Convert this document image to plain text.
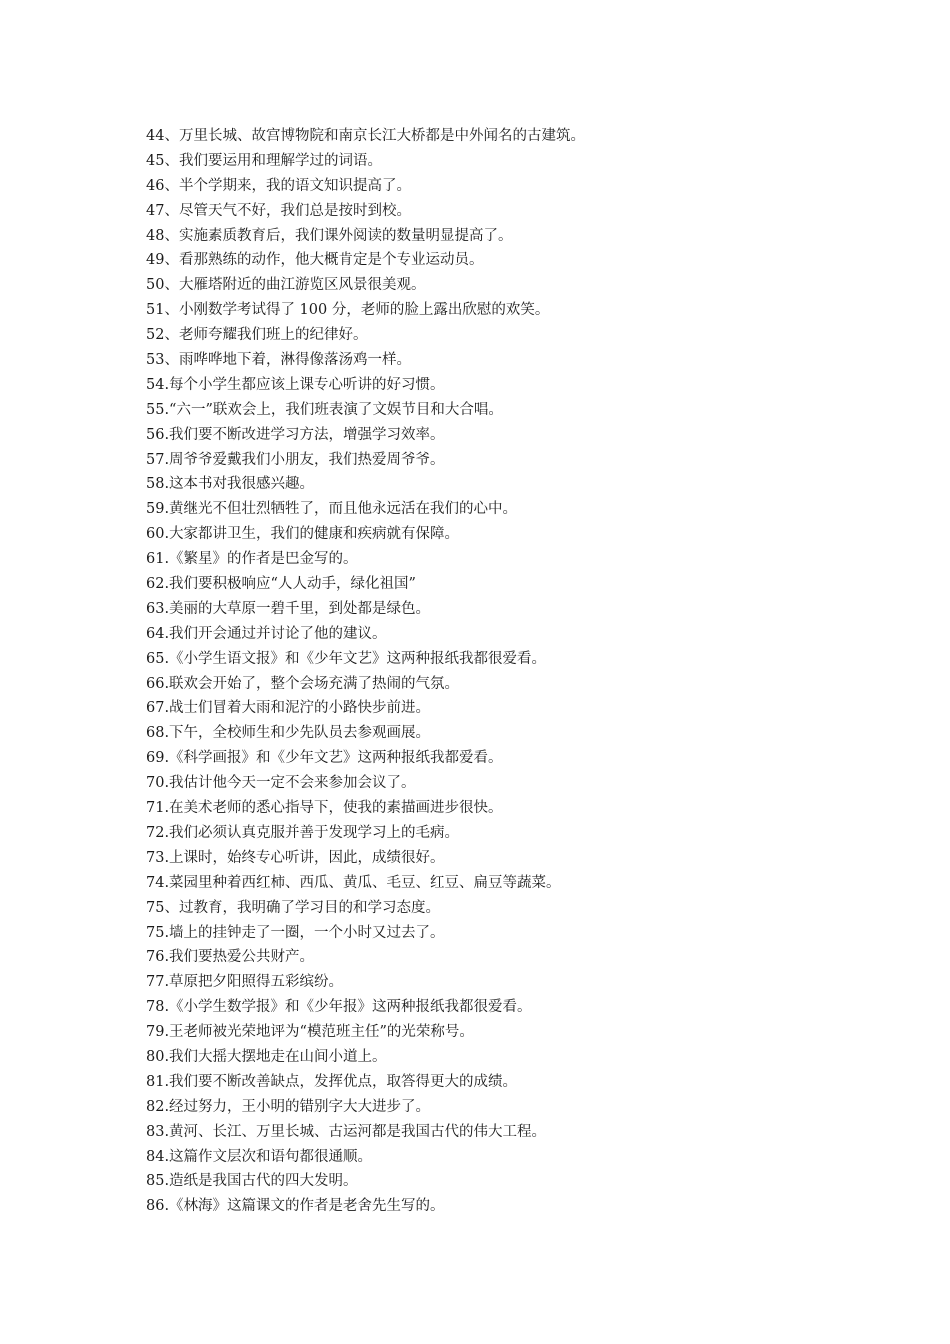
44、万里长城、故宫博物院和南京长江大桥都是中外闻名的古建筑。
45、我们要运用和理解学过的词语。
46、半个学期来，我的语文知识提高了。
47、尽管天气不好，我们总是按时到校。
48、实施素质教育后，我们课外阅读的数量明显提高了。
49、看那熟练的动作，他大概肯定是个专业运动员。
50、大雁塔附近的曲江游览区风景很美观。
51、小刚数学考试得了 100 分，老师的脸上露出欣慰的欢笑。
52、老师夸耀我们班上的纪律好。
53、雨哗哗地下着，淋得像落汤鸡一样。
54.每个小学生都应该上课专心听讲的好习惯。
55.“六一”联欢会上，我们班表演了文娱节目和大合唱。
56.我们要不断改进学习方法，增强学习效率。
57.周爷爷爱戴我们小朋友，我们热爱周爷爷。
58.这本书对我很感兴趣。
59.黄继光不但壮烈牺牲了，而且他永远活在我们的心中。
60.大家都讲卫生，我们的健康和疾病就有保障。
61.《繁星》的作者是巴金写的。
62.我们要积极响应“人人动手，绿化祖国”
63.美丽的大草原一碧千里，到处都是绿色。
64.我们开会通过并讨论了他的建议。
65.《小学生语文报》和《少年文艺》这两种报纸我都很爱看。
66.联欢会开始了，整个会场充满了热闹的气氛。
67.战士们冒着大雨和泥泞的小路快步前进。
68.下午，全校师生和少先队员去参观画展。
69.《科学画报》和《少年文艺》这两种报纸我都爱看。
70.我估计他今天一定不会来参加会议了。
71.在美术老师的悉心指导下，使我的素描画进步很快。
72.我们必须认真克服并善于发现学习上的毛病。
73.上课时，始终专心听讲，因此，成绩很好。
74.菜园里种着西红柿、西瓜、黄瓜、毛豆、红豆、扁豆等蔬菜。
75、过教育，我明确了学习目的和学习态度。
75.墙上的挂钟走了一圈，一个小时又过去了。
76.我们要热爱公共财产。
77.草原把夕阳照得五彩缤纷。
78.《小学生数学报》和《少年报》这两种报纸我都很爱看。
79.王老师被光荣地评为“模范班主任”的光荣称号。
80.我们大摇大摆地走在山间小道上。
81.我们要不断改善缺点，发挥优点，取答得更大的成绩。
82.经过努力，王小明的错别字大大进步了。
83.黄河、长江、万里长城、古运河都是我国古代的伟大工程。
84.这篇作文层次和语句都很通顺。
85.造纸是我国古代的四大发明。
86.《林海》这篇课文的作者是老舍先生写的。
